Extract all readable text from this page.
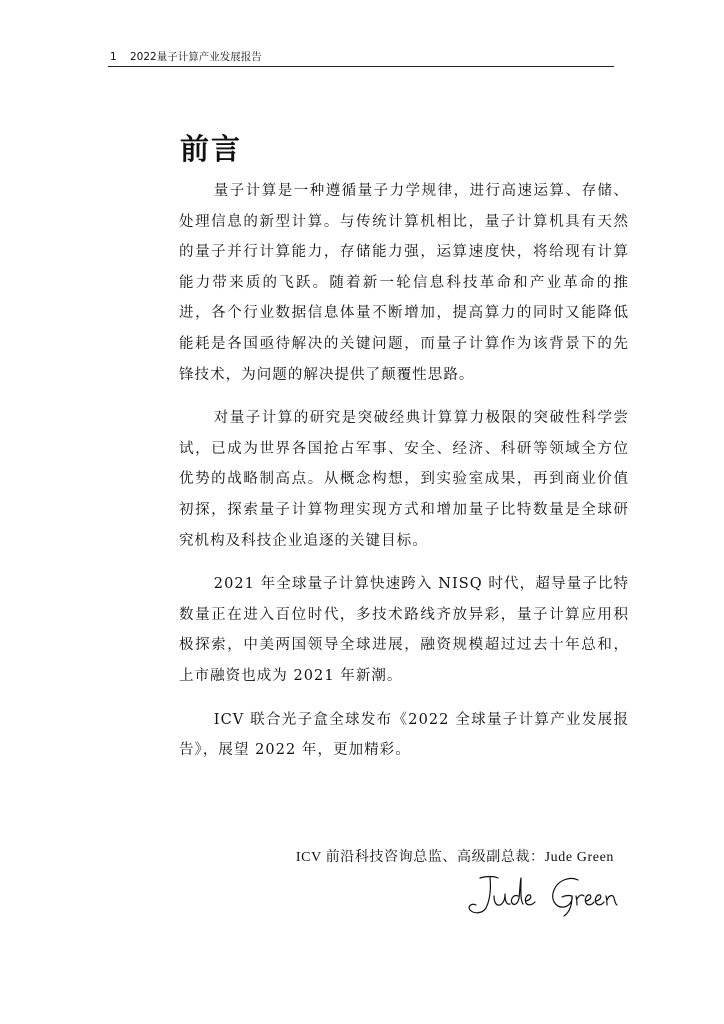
1 2022量子计算产业发展报告
前言

量子计算是一种遵循量子力学规律，进行高速运算、存储、处理信息的新型计算。与传统计算机相比，量子计算机具有天然的量子并行计算能力，存储能力强，运算速度快，将给现有计算能力带来质的飞跃。随着新一轮信息科技革命和产业革命的推进，各个行业数据信息体量不断增加，提高算力的同时又能降低能耗是各国亟待解决的关键问题，而量子计算作为该背景下的先锋技术，为问题的解决提供了颠覆性思路。

对量子计算的研究是突破经典计算算力极限的突破性科学尝试，已成为世界各国抢占军事、安全、经济、科研等领域全方位优势的战略制高点。从概念构想，到实验室成果，再到商业价值初探，探索量子计算物理实现方式和增加量子比特数量是全球研究机构及科技企业追逐的关键目标。

2021 年全球量子计算快速跨入 NISQ 时代，超导量子比特数量正在进入百位时代，多技术路线齐放异彩，量子计算应用积极探索，中美两国领导全球进展，融资规模超过过去十年总和，上市融资也成为 2021 年新潮。

ICV 联合光子盒全球发布《2022 全球量子计算产业发展报告》，展望 2022 年，更加精彩。

ICV 前沿科技咨询总监、高级副总裁：Jude Green
